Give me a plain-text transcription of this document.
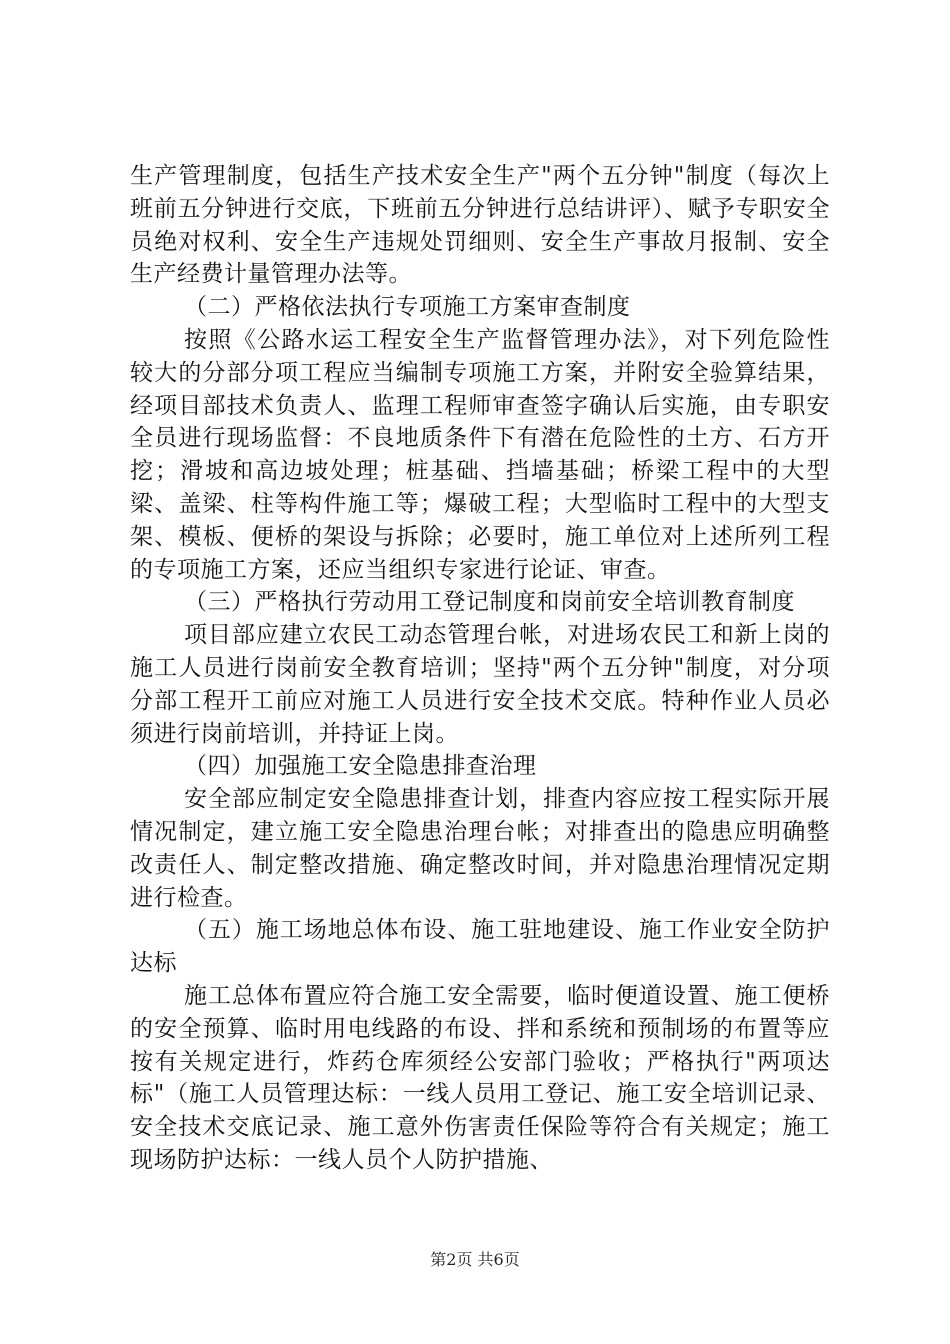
生产管理制度，包括生产技术安全生产"两个五分钟"制度（每次上班前五分钟进行交底，下班前五分钟进行总结讲评）、赋予专职安全员绝对权利、安全生产违规处罚细则、安全生产事故月报制、安全生产经费计量管理办法等。

（二）严格依法执行专项施工方案审查制度

按照《公路水运工程安全生产监督管理办法》，对下列危险性较大的分部分项工程应当编制专项施工方案，并附安全验算结果，经项目部技术负责人、监理工程师审查签字确认后实施，由专职安全员进行现场监督：不良地质条件下有潜在危险性的土方、石方开挖；滑坡和高边坡处理；桩基础、挡墙基础；桥梁工程中的大型梁、盖梁、柱等构件施工等；爆破工程；大型临时工程中的大型支架、模板、便桥的架设与拆除；必要时，施工单位对上述所列工程的专项施工方案，还应当组织专家进行论证、审查。

（三）严格执行劳动用工登记制度和岗前安全培训教育制度

项目部应建立农民工动态管理台帐，对进场农民工和新上岗的施工人员进行岗前安全教育培训；坚持"两个五分钟"制度，对分项分部工程开工前应对施工人员进行安全技术交底。特种作业人员必须进行岗前培训，并持证上岗。

（四）加强施工安全隐患排查治理

安全部应制定安全隐患排查计划，排查内容应按工程实际开展情况制定，建立施工安全隐患治理台帐；对排查出的隐患应明确整改责任人、制定整改措施、确定整改时间，并对隐患治理情况定期进行检查。

（五）施工场地总体布设、施工驻地建设、施工作业安全防护达标

施工总体布置应符合施工安全需要，临时便道设置、施工便桥的安全预算、临时用电线路的布设、拌和系统和预制场的布置等应按有关规定进行，炸药仓库须经公安部门验收；严格执行"两项达标"（施工人员管理达标：一线人员用工登记、施工安全培训记录、安全技术交底记录、施工意外伤害责任保险等符合有关规定；施工现场防护达标：一线人员个人防护措施、

第2页 共6页
